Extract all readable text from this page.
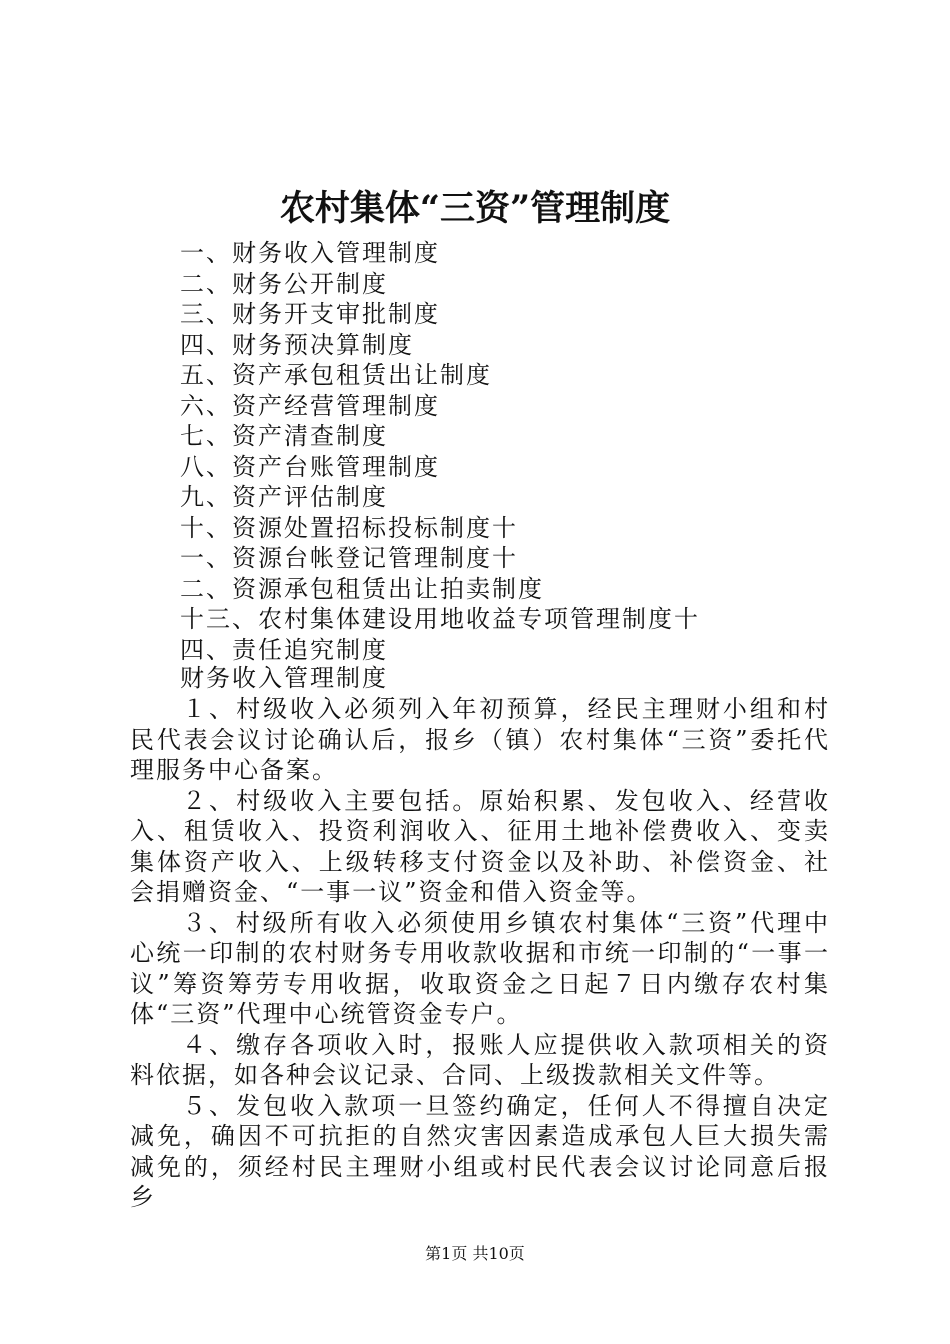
农村集体“三资”管理制度
一、财务收入管理制度
二、财务公开制度
三、财务开支审批制度
四、财务预决算制度
五、资产承包租赁出让制度
六、资产经营管理制度
七、资产清查制度
八、资产台账管理制度
九、资产评估制度
十、资源处置招标投标制度十
一、资源台帐登记管理制度十
二、资源承包租赁出让拍卖制度
十三、农村集体建设用地收益专项管理制度十
四、责任追究制度
财务收入管理制度

１、村级收入必须列入年初预算，经民主理财小组和村民代表会议讨论确认后，报乡（镇）农村集体“三资”委托代理服务中心备案。

２、村级收入主要包括。原始积累、发包收入、经营收入、租赁收入、投资利润收入、征用土地补偿费收入、变卖集体资产收入、上级转移支付资金以及补助、补偿资金、社会捐赠资金、“一事一议”资金和借入资金等。

３、村级所有收入必须使用乡镇农村集体“三资”代理中心统一印制的农村财务专用收款收据和市统一印制的“一事一议”筹资筹劳专用收据，收取资金之日起７日内缴存农村集体“三资”代理中心统管资金专户。

４、缴存各项收入时，报账人应提供收入款项相关的资料依据，如各种会议记录、合同、上级拨款相关文件等。

５、发包收入款项一旦签约确定，任何人不得擅自决定减免，确因不可抗拒的自然灾害因素造成承包人巨大损失需减免的，须经村民主理财小组或村民代表会议讨论同意后报乡

第1页 共10页
